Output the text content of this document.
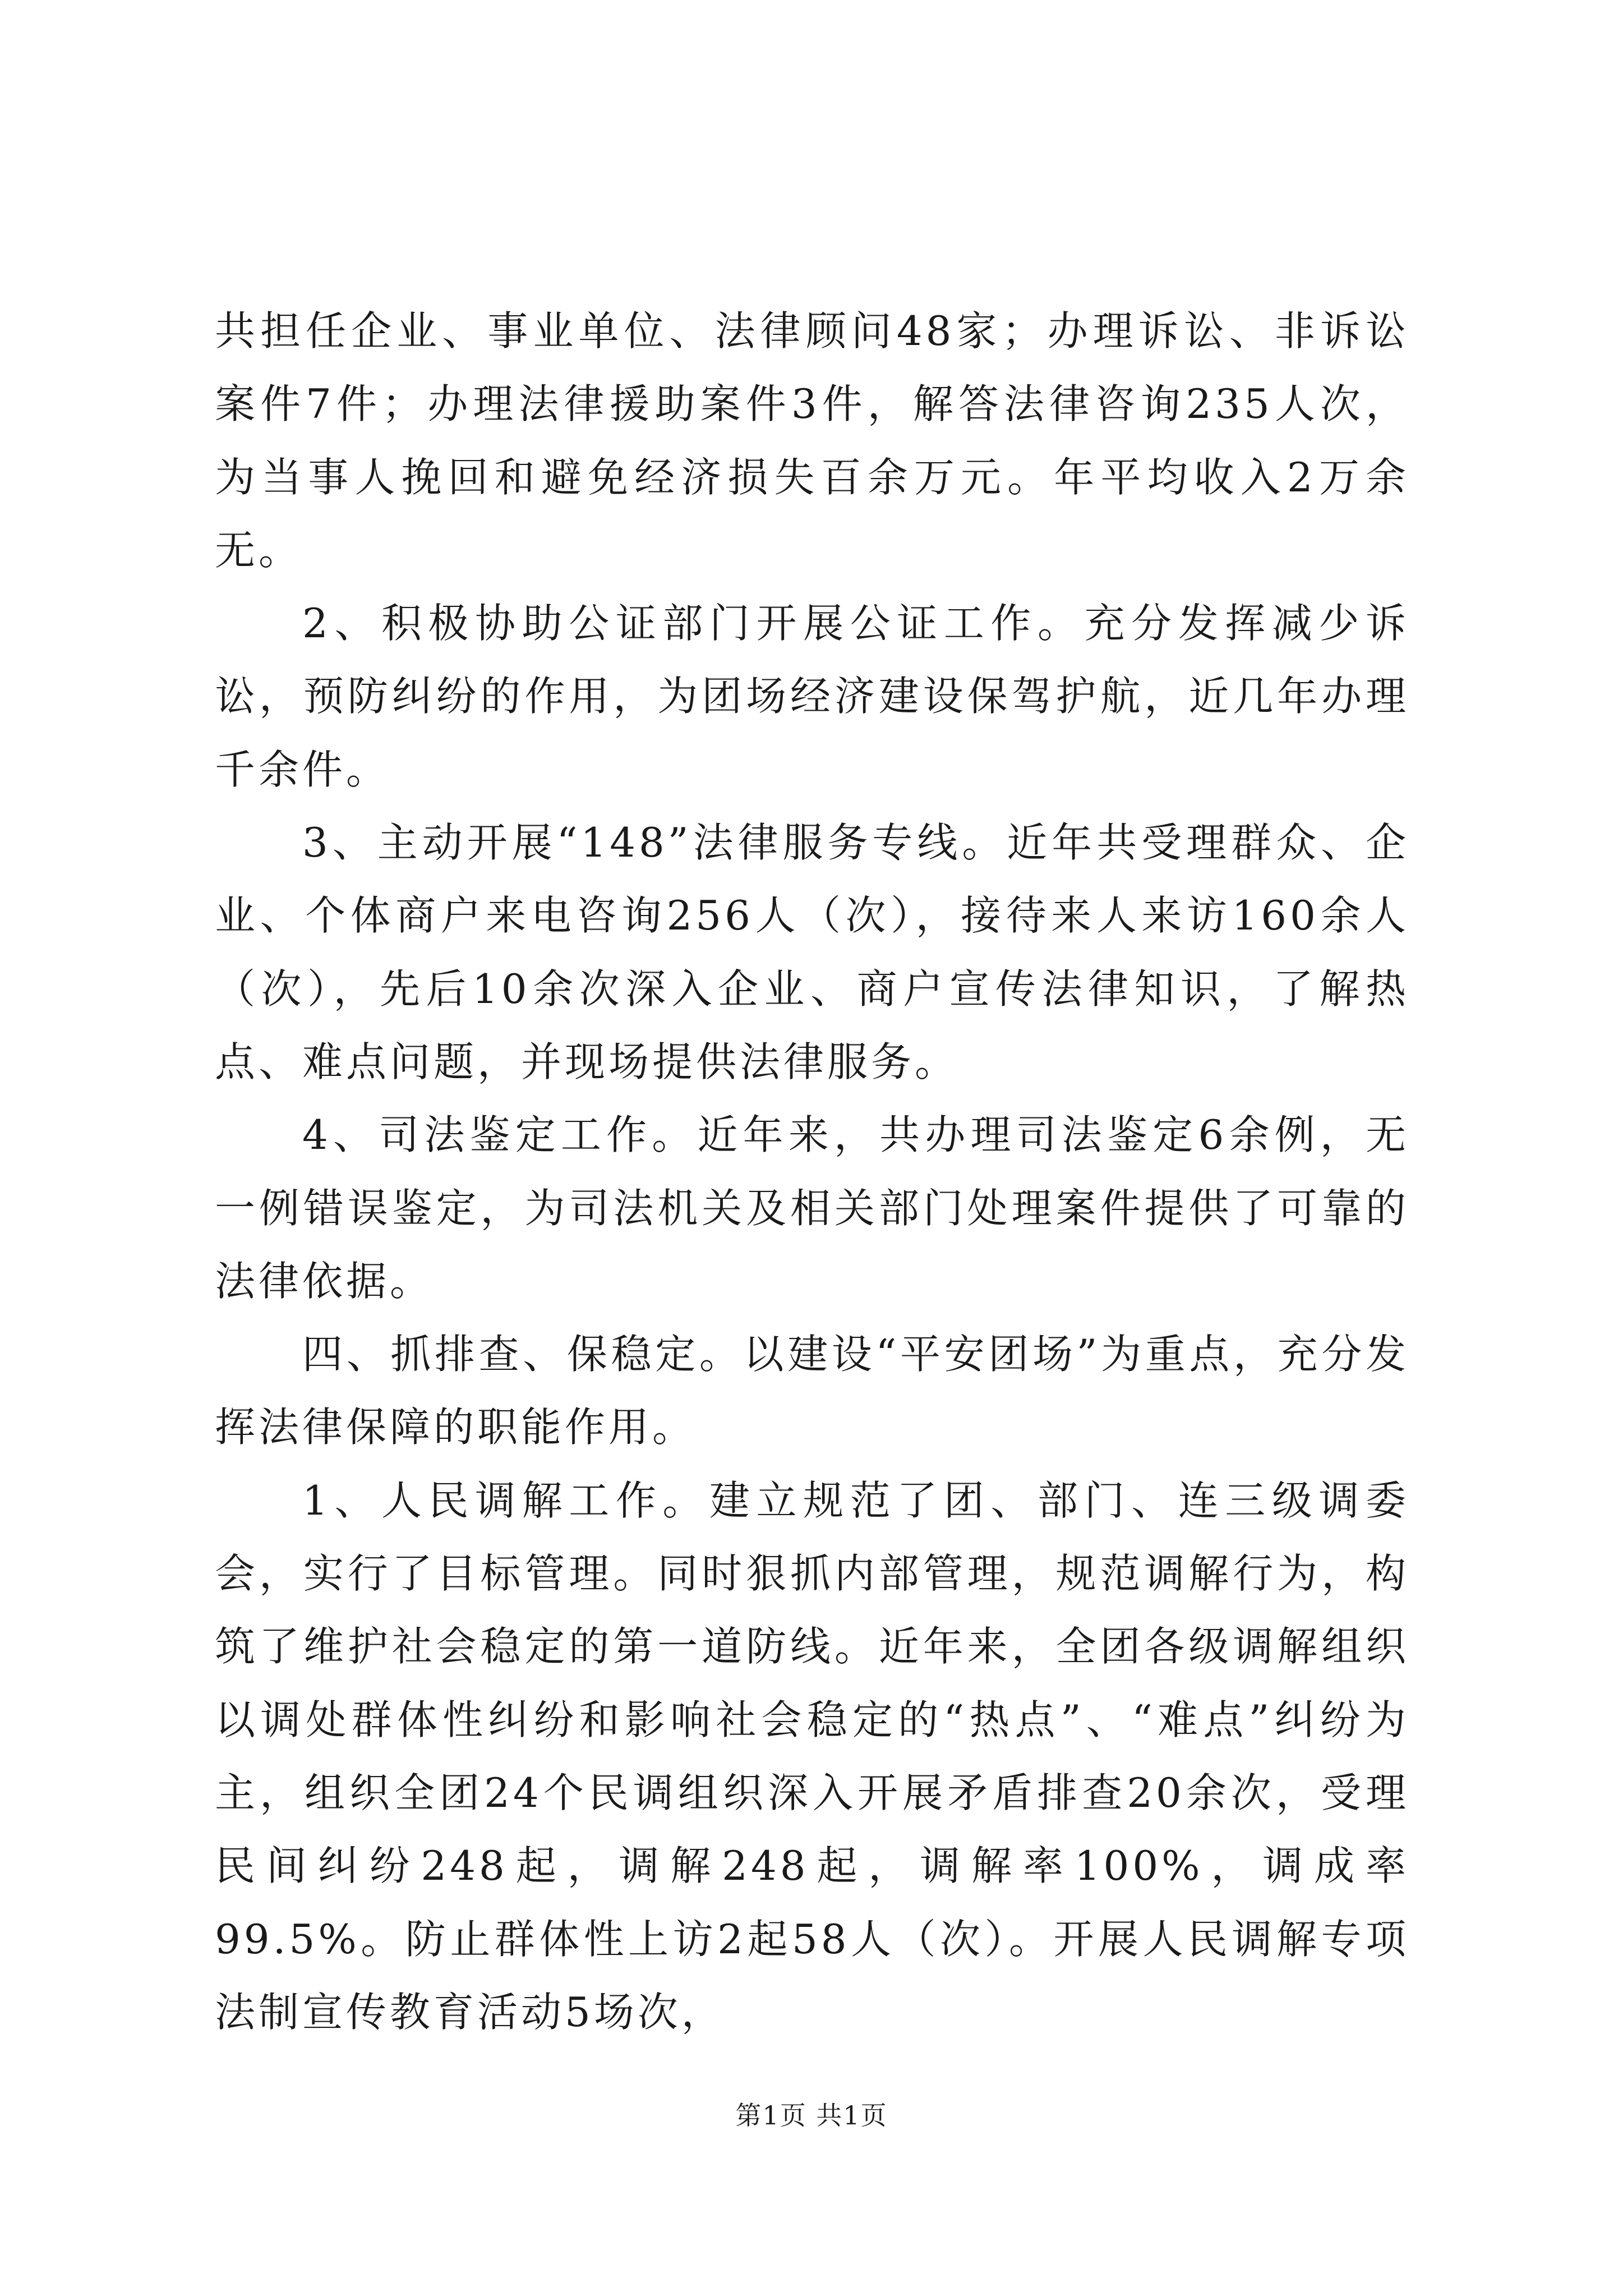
共担任企业、事业单位、法律顾问48家；办理诉讼、非诉讼案件7件；办理法律援助案件3件，解答法律咨询235人次，为当事人挽回和避免经济损失百余万元。年平均收入2万余无。

2、积极协助公证部门开展公证工作。充分发挥减少诉讼，预防纠纷的作用，为团场经济建设保驾护航，近几年办理千余件。

3、主动开展“148”法律服务专线。近年共受理群众、企业、个体商户来电咨询256人（次），接待来人来访160余人（次），先后10余次深入企业、商户宣传法律知识，了解热点、难点问题，并现场提供法律服务。

4、司法鉴定工作。近年来，共办理司法鉴定6余例，无一例错误鉴定，为司法机关及相关部门处理案件提供了可靠的法律依据。

四、抓排查、保稳定。以建设“平安团场”为重点，充分发挥法律保障的职能作用。

1、人民调解工作。建立规范了团、部门、连三级调委会，实行了目标管理。同时狠抓内部管理，规范调解行为，构筑了维护社会稳定的第一道防线。近年来，全团各级调解组织以调处群体性纠纷和影响社会稳定的“热点”、“难点”纠纷为主，组织全团24个民调组织深入开展矛盾排查20余次，受理民间纠纷248起，调解248起，调解率100%，调成率99.5%。防止群体性上访2起58人（次）。开展人民调解专项法制宣传教育活动5场次，

第1页 共1页
